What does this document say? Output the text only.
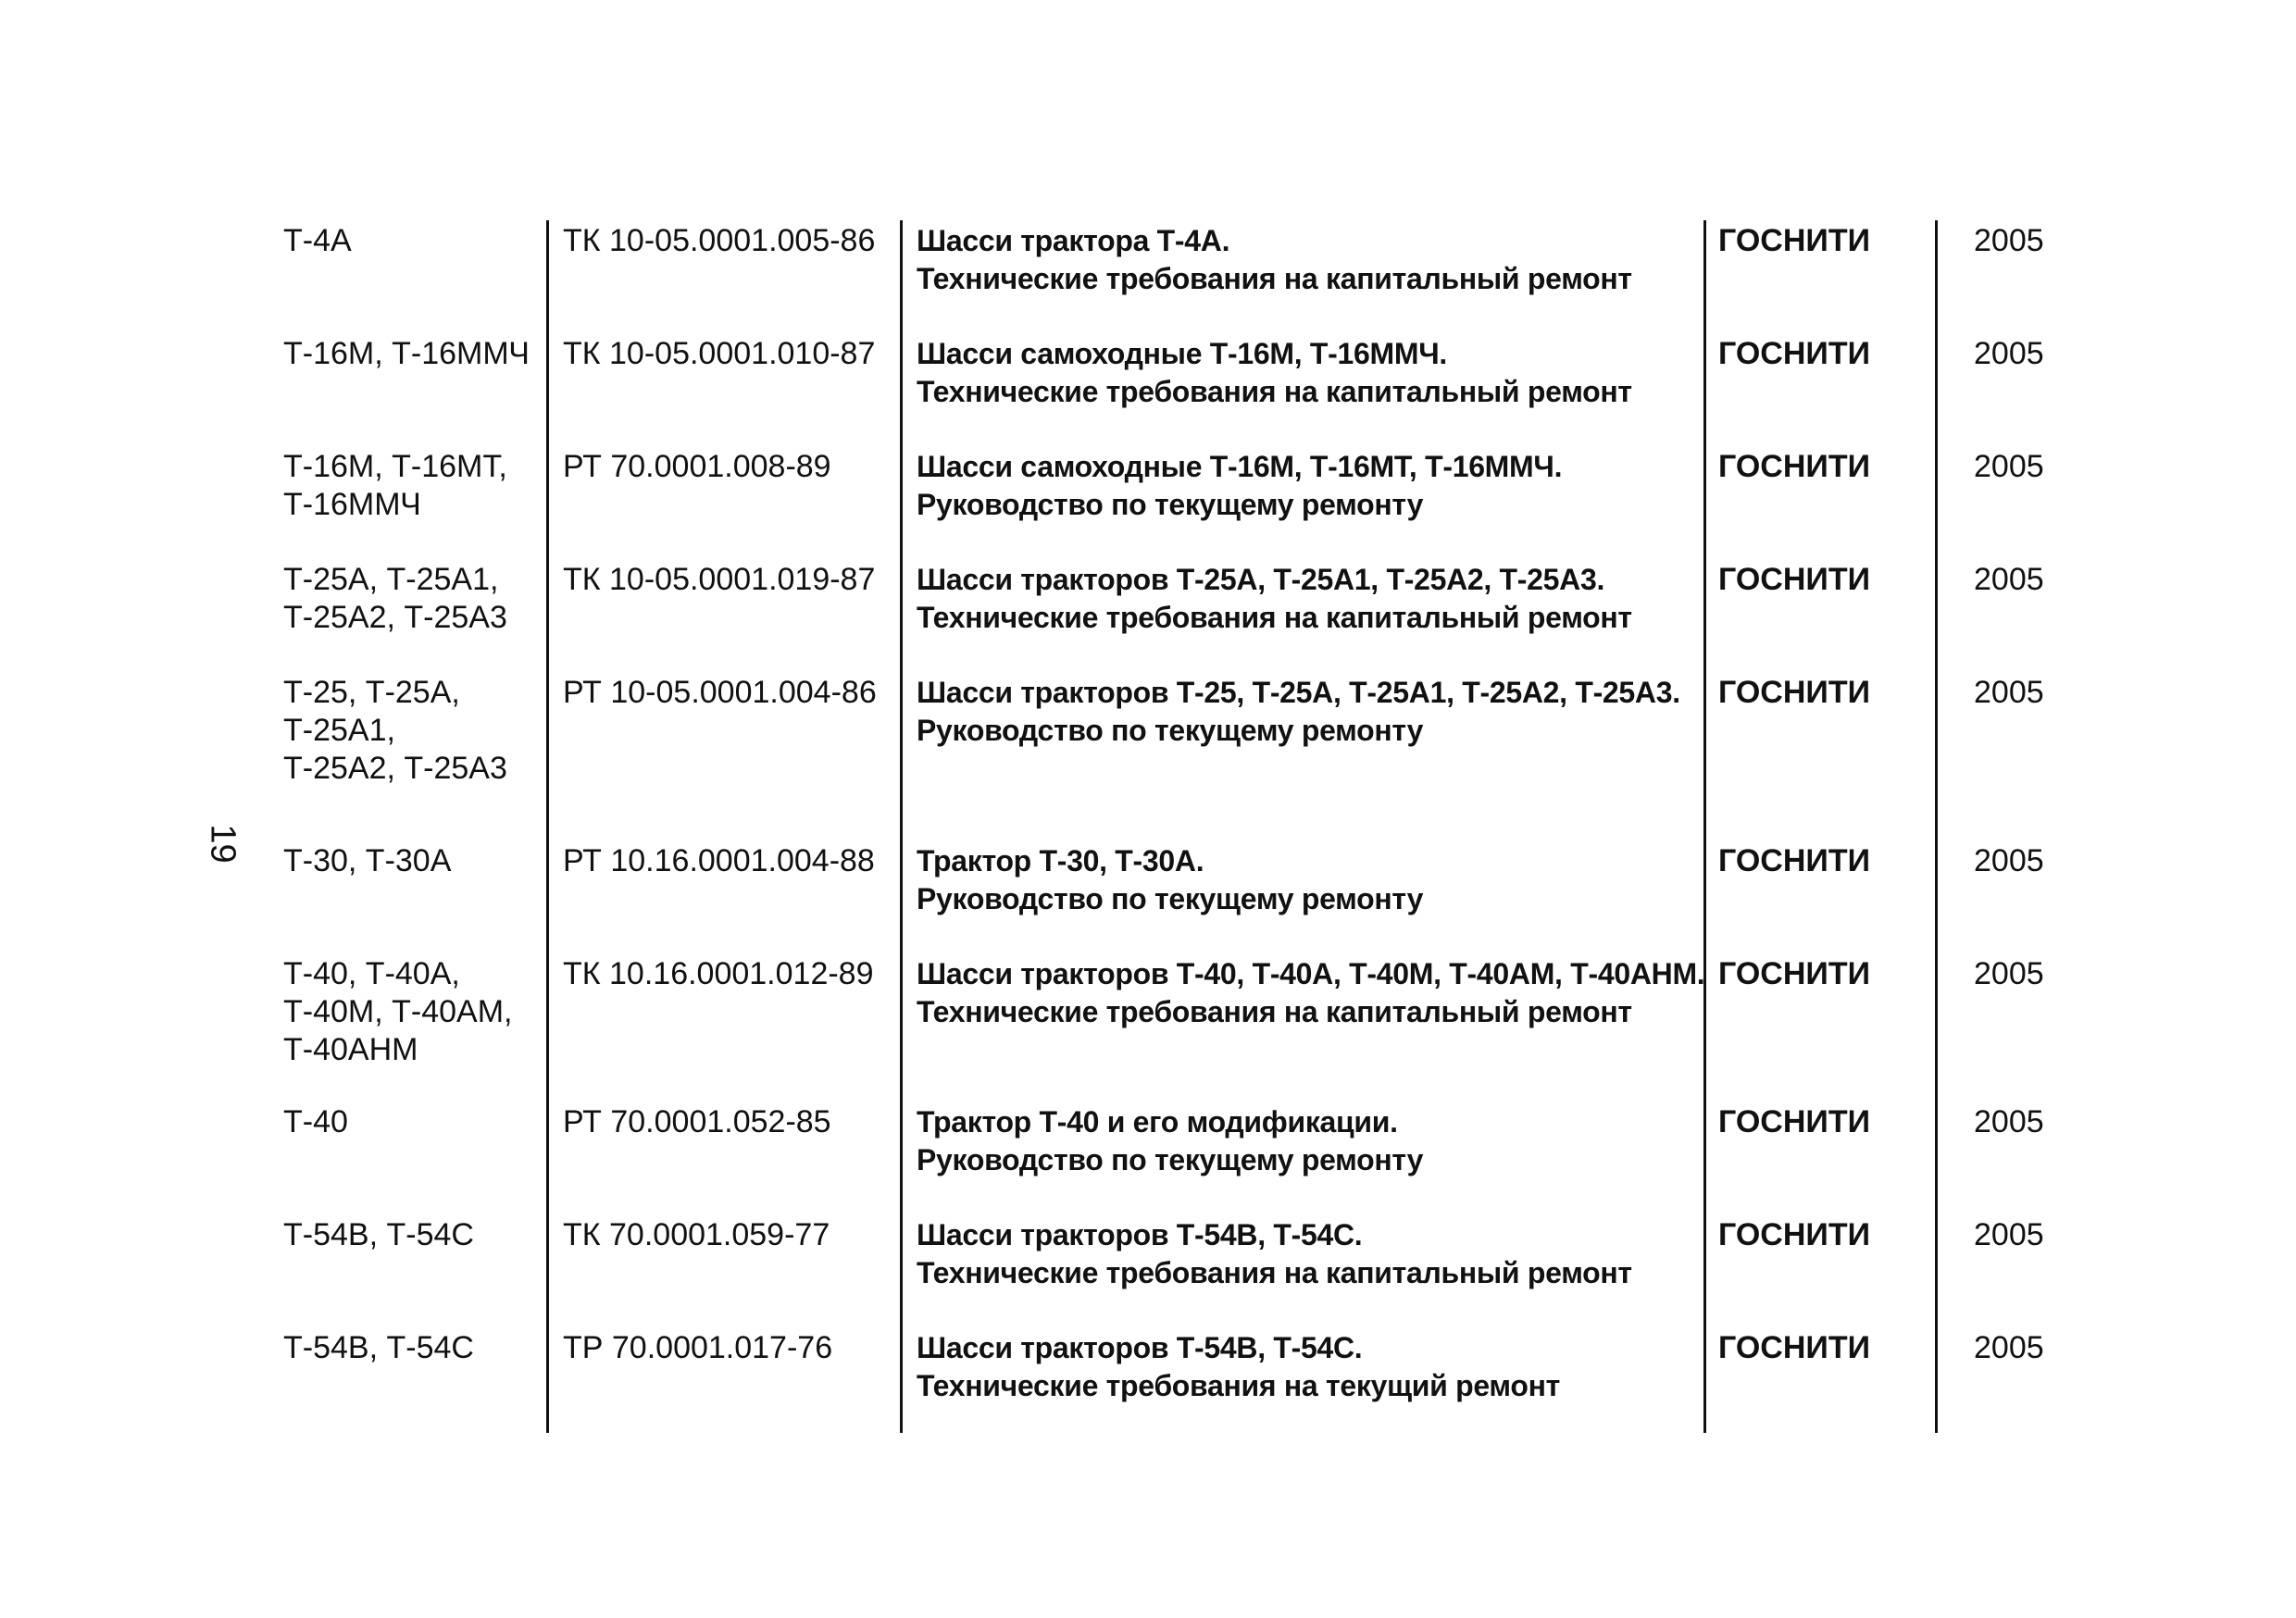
19
Т-4А	ТК 10-05.0001.005-86 Шасси трактора Т-4А.
Технические требования на капитальный ремонт
ГОСНИТИ	2005
Т-16М, Т-16ММЧ ТК 10-05.0001.010-87 Шасси самоходные Т-16М, Т-16ММЧ.
Технические требования на капитальный ремонт
ГОСНИТИ	2005
Т-16М, Т-16МТ,
Т-16ММЧ
РТ 70.0001.008-89	Шасси самоходные Т-16М, Т-16МТ, Т-16ММЧ.
Руководство по текущему ремонту
ГОСНИТИ	2005
Т-25А, Т-25А1,
Т-25А2, Т-25А3
ТК 10-05.0001.019-87 Шасси тракторов Т-25А, Т-25А1, Т-25А2, Т-25А3.
Технические требования на капитальный ремонт
ГОСНИТИ	2005
Т-25, Т-25А,
Т-25А1,
Т-25А2, Т-25А3
РТ 10-05.0001.004-86 Шасси тракторов Т-25, Т-25А, Т-25А1, Т-25А2, Т-25А3.
Руководство по текущему ремонту
ГОСНИТИ	2005
Т-30, Т-30А	РТ 10.16.0001.004-88 Трактор Т-30, Т-30А.
Руководство по текущему ремонту
ГОСНИТИ	2005
Т-40, Т-40А,
Т-40М, Т-40АМ,
Т-40АНМ
ТК 10.16.0001.012-89 Шасси тракторов Т-40, Т-40А, Т-40М, Т-40АМ, Т-40АНМ.
Технические требования на капитальный ремонт
ГОСНИТИ	2005
Т-40	РТ 70.0001.052-85	Трактор Т-40 и его модификации.
Руководство по текущему ремонту
ГОСНИТИ	2005
Т-54В, Т-54С	ТК 70.0001.059-77	Шасси тракторов Т-54В, Т-54С.
Технические требования на капитальный ремонт
ГОСНИТИ	2005
Т-54В, Т-54С	ТР 70.0001.017-76	Шасси тракторов Т-54В, Т-54С.
Технические требования на текущий ремонт
ГОСНИТИ	2005
